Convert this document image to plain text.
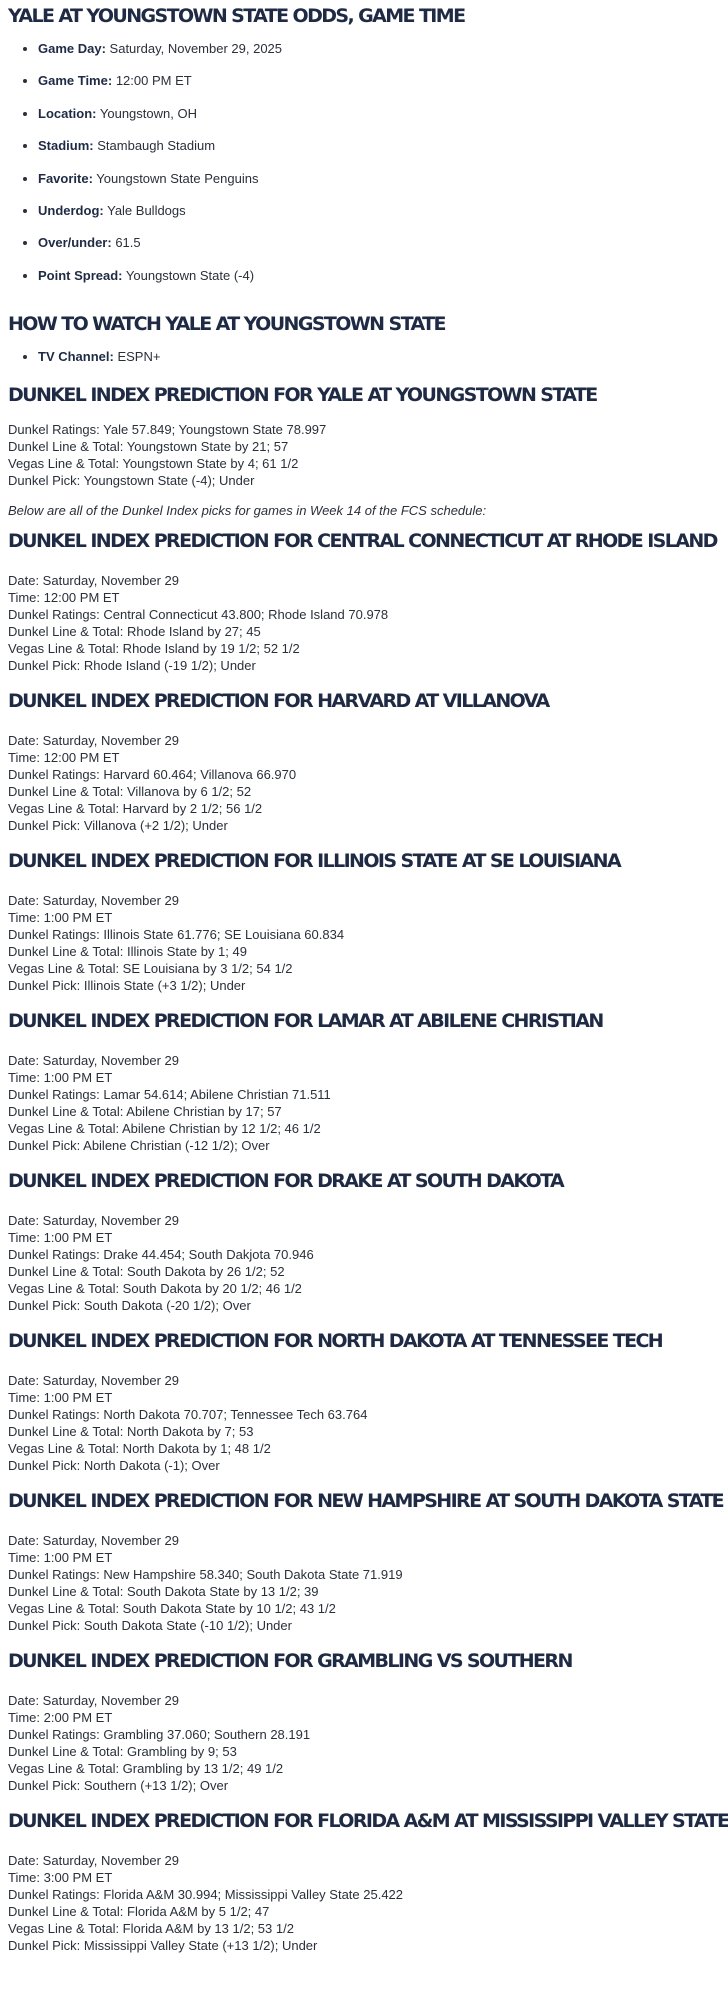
YALE AT YOUNGSTOWN STATE ODDS, GAME TIME
• Game Day: Saturday, November 29, 2025
• Game Time: 12:00 PM ET
• Location: Youngstown, OH
• Stadium: Stambaugh Stadium
• Favorite: Youngstown State Penguins
• Underdog: Yale Bulldogs
• Over/under: 61.5
• Point Spread: Youngstown State (-4)
HOW TO WATCH YALE AT YOUNGSTOWN STATE
• TV Channel: ESPN+
DUNKEL INDEX PREDICTION FOR YALE AT YOUNGSTOWN STATE
Dunkel Ratings: Yale 57.849; Youngstown State 78.997
Dunkel Line & Total: Youngstown State by 21; 57
Vegas Line & Total: Youngstown State by 4; 61 1/2
Dunkel Pick: Youngstown State (-4); Under
Below are all of the Dunkel Index picks for games in Week 14 of the FCS schedule:
DUNKEL INDEX PREDICTION FOR CENTRAL CONNECTICUT AT RHODE ISLAND
Date: Saturday, November 29
Time: 12:00 PM ET
Dunkel Ratings: Central Connecticut 43.800; Rhode Island 70.978
Dunkel Line & Total: Rhode Island by 27; 45
Vegas Line & Total: Rhode Island by 19 1/2; 52 1/2
Dunkel Pick: Rhode Island (-19 1/2); Under
DUNKEL INDEX PREDICTION FOR HARVARD AT VILLANOVA
Date: Saturday, November 29
Time: 12:00 PM ET
Dunkel Ratings: Harvard 60.464; Villanova 66.970
Dunkel Line & Total: Villanova by 6 1/2; 52
Vegas Line & Total: Harvard by 2 1/2; 56 1/2
Dunkel Pick: Villanova (+2 1/2); Under
DUNKEL INDEX PREDICTION FOR ILLINOIS STATE AT SE LOUISIANA
Date: Saturday, November 29
Time: 1:00 PM ET
Dunkel Ratings: Illinois State 61.776; SE Louisiana 60.834
Dunkel Line & Total: Illinois State by 1; 49
Vegas Line & Total: SE Louisiana by 3 1/2; 54 1/2
Dunkel Pick: Illinois State (+3 1/2); Under
DUNKEL INDEX PREDICTION FOR LAMAR AT ABILENE CHRISTIAN
Date: Saturday, November 29
Time: 1:00 PM ET
Dunkel Ratings: Lamar 54.614; Abilene Christian 71.511
Dunkel Line & Total: Abilene Christian by 17; 57
Vegas Line & Total: Abilene Christian by 12 1/2; 46 1/2
Dunkel Pick: Abilene Christian (-12 1/2); Over
DUNKEL INDEX PREDICTION FOR DRAKE AT SOUTH DAKOTA
Date: Saturday, November 29
Time: 1:00 PM ET
Dunkel Ratings: Drake 44.454; South Dakjota 70.946
Dunkel Line & Total: South Dakota by 26 1/2; 52
Vegas Line & Total: South Dakota by 20 1/2; 46 1/2
Dunkel Pick: South Dakota (-20 1/2); Over
DUNKEL INDEX PREDICTION FOR NORTH DAKOTA AT TENNESSEE TECH
Date: Saturday, November 29
Time: 1:00 PM ET
Dunkel Ratings: North Dakota 70.707; Tennessee Tech 63.764
Dunkel Line & Total: North Dakota by 7; 53
Vegas Line & Total: North Dakota by 1; 48 1/2
Dunkel Pick: North Dakota (-1); Over
DUNKEL INDEX PREDICTION FOR NEW HAMPSHIRE AT SOUTH DAKOTA STATE
Date: Saturday, November 29
Time: 1:00 PM ET
Dunkel Ratings: New Hampshire 58.340; South Dakota State 71.919
Dunkel Line & Total: South Dakota State by 13 1/2; 39
Vegas Line & Total: South Dakota State by 10 1/2; 43 1/2
Dunkel Pick: South Dakota State (-10 1/2); Under
DUNKEL INDEX PREDICTION FOR GRAMBLING VS SOUTHERN
Date: Saturday, November 29
Time: 2:00 PM ET
Dunkel Ratings: Grambling 37.060; Southern 28.191
Dunkel Line & Total: Grambling by 9; 53
Vegas Line & Total: Grambling by 13 1/2; 49 1/2
Dunkel Pick: Southern (+13 1/2); Over
DUNKEL INDEX PREDICTION FOR FLORIDA A&M AT MISSISSIPPI VALLEY STATE
Date: Saturday, November 29
Time: 3:00 PM ET
Dunkel Ratings: Florida A&M 30.994; Mississippi Valley State 25.422
Dunkel Line & Total: Florida A&M by 5 1/2; 47
Vegas Line & Total: Florida A&M by 13 1/2; 53 1/2
Dunkel Pick: Mississippi Valley State (+13 1/2); Under
